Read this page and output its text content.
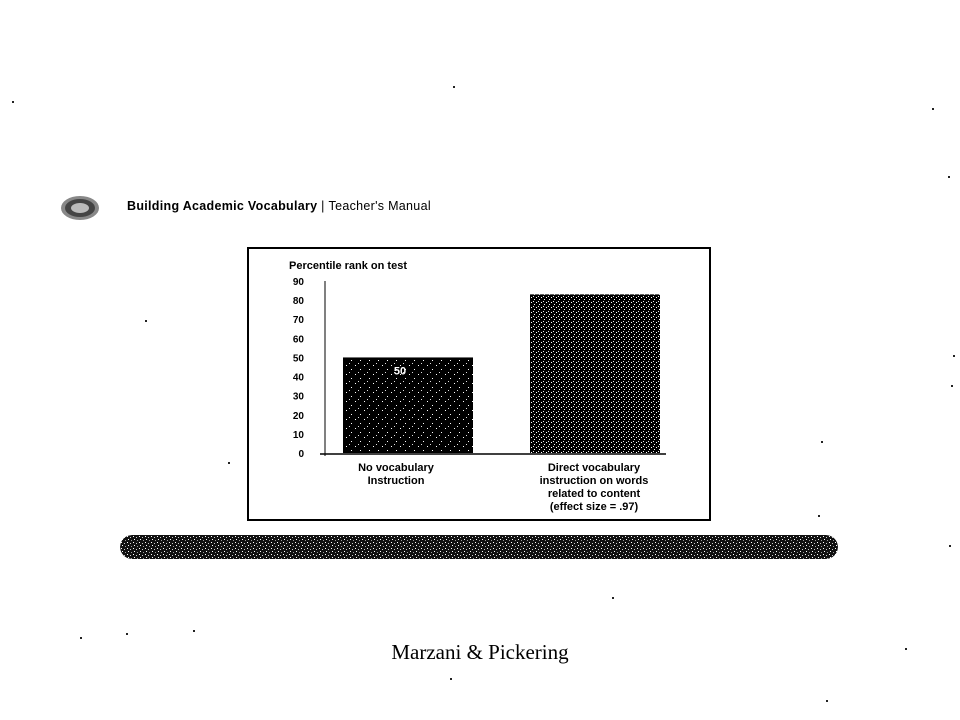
Building Academic Vocabulary | Teacher's Manual
Percentile rank on test
0
10
20
30
40
50
60
70
80
90
50
No vocabulary
Instruction
Direct vocabulary
instruction on words
related to content
(effect size = .97)
Marzani & Pickering
